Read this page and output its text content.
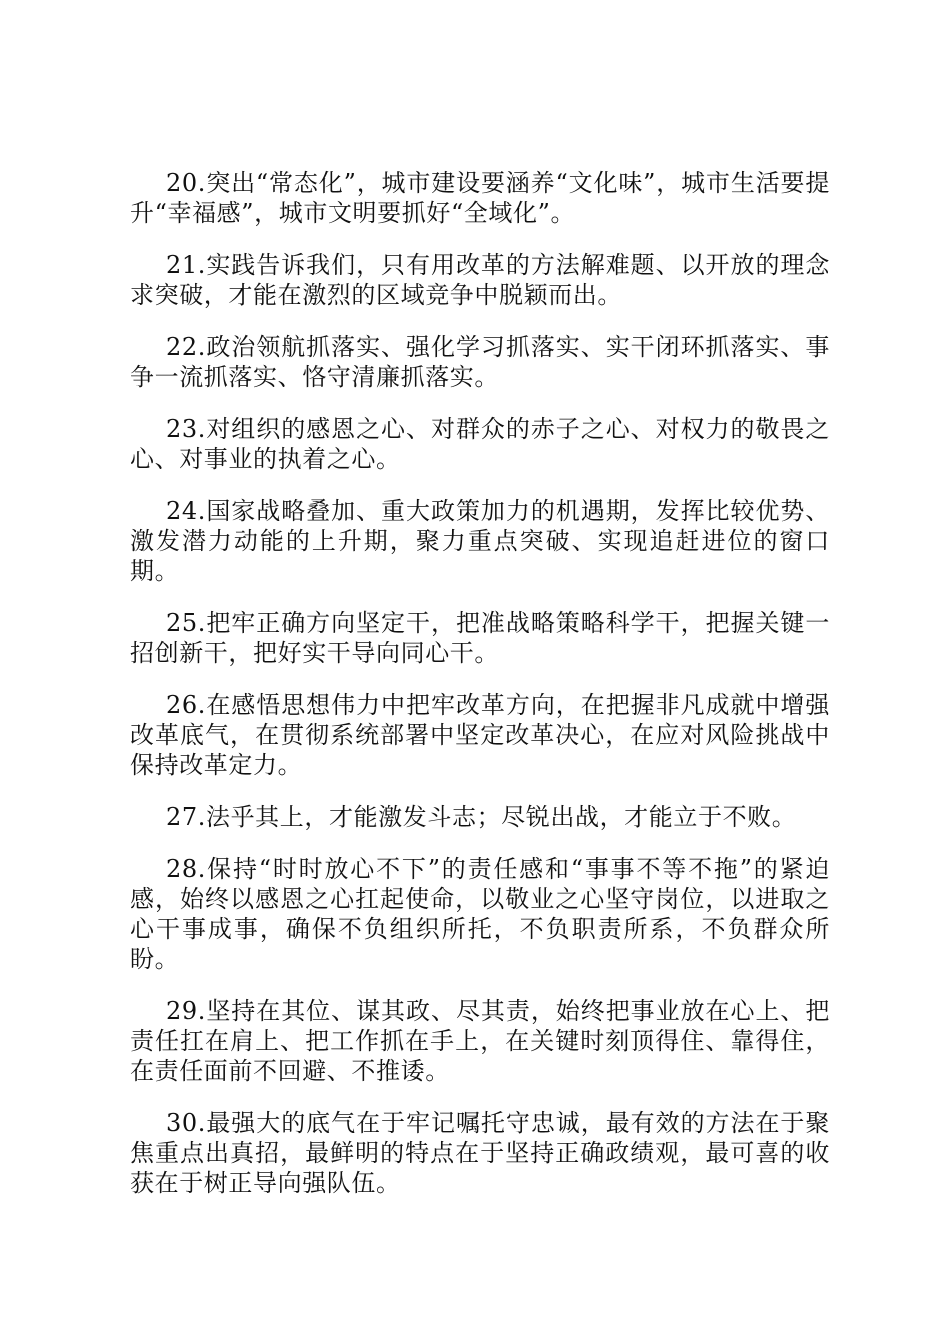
20.突出“常态化”，城市建设要涵养“文化味”，城市生活要提升“幸福感”，城市文明要抓好“全域化”。

21.实践告诉我们，只有用改革的方法解难题、以开放的理念求突破，才能在激烈的区域竞争中脱颖而出。

22.政治领航抓落实、强化学习抓落实、实干闭环抓落实、事争一流抓落实、恪守清廉抓落实。

23.对组织的感恩之心、对群众的赤子之心、对权力的敬畏之心、对事业的执着之心。

24.国家战略叠加、重大政策加力的机遇期，发挥比较优势、激发潜力动能的上升期，聚力重点突破、实现追赶进位的窗口期。

25.把牢正确方向坚定干，把准战略策略科学干，把握关键一招创新干，把好实干导向同心干。

26.在感悟思想伟力中把牢改革方向，在把握非凡成就中增强改革底气，在贯彻系统部署中坚定改革决心，在应对风险挑战中保持改革定力。

27.法乎其上，才能激发斗志；尽锐出战，才能立于不败。

28.保持“时时放心不下”的责任感和“事事不等不拖”的紧迫感，始终以感恩之心扛起使命，以敬业之心坚守岗位，以进取之心干事成事，确保不负组织所托，不负职责所系，不负群众所盼。

29.坚持在其位、谋其政、尽其责，始终把事业放在心上、把责任扛在肩上、把工作抓在手上，在关键时刻顶得住、靠得住，在责任面前不回避、不推诿。

30.最强大的底气在于牢记嘱托守忠诚，最有效的方法在于聚焦重点出真招，最鲜明的特点在于坚持正确政绩观，最可喜的收获在于树正导向强队伍。
